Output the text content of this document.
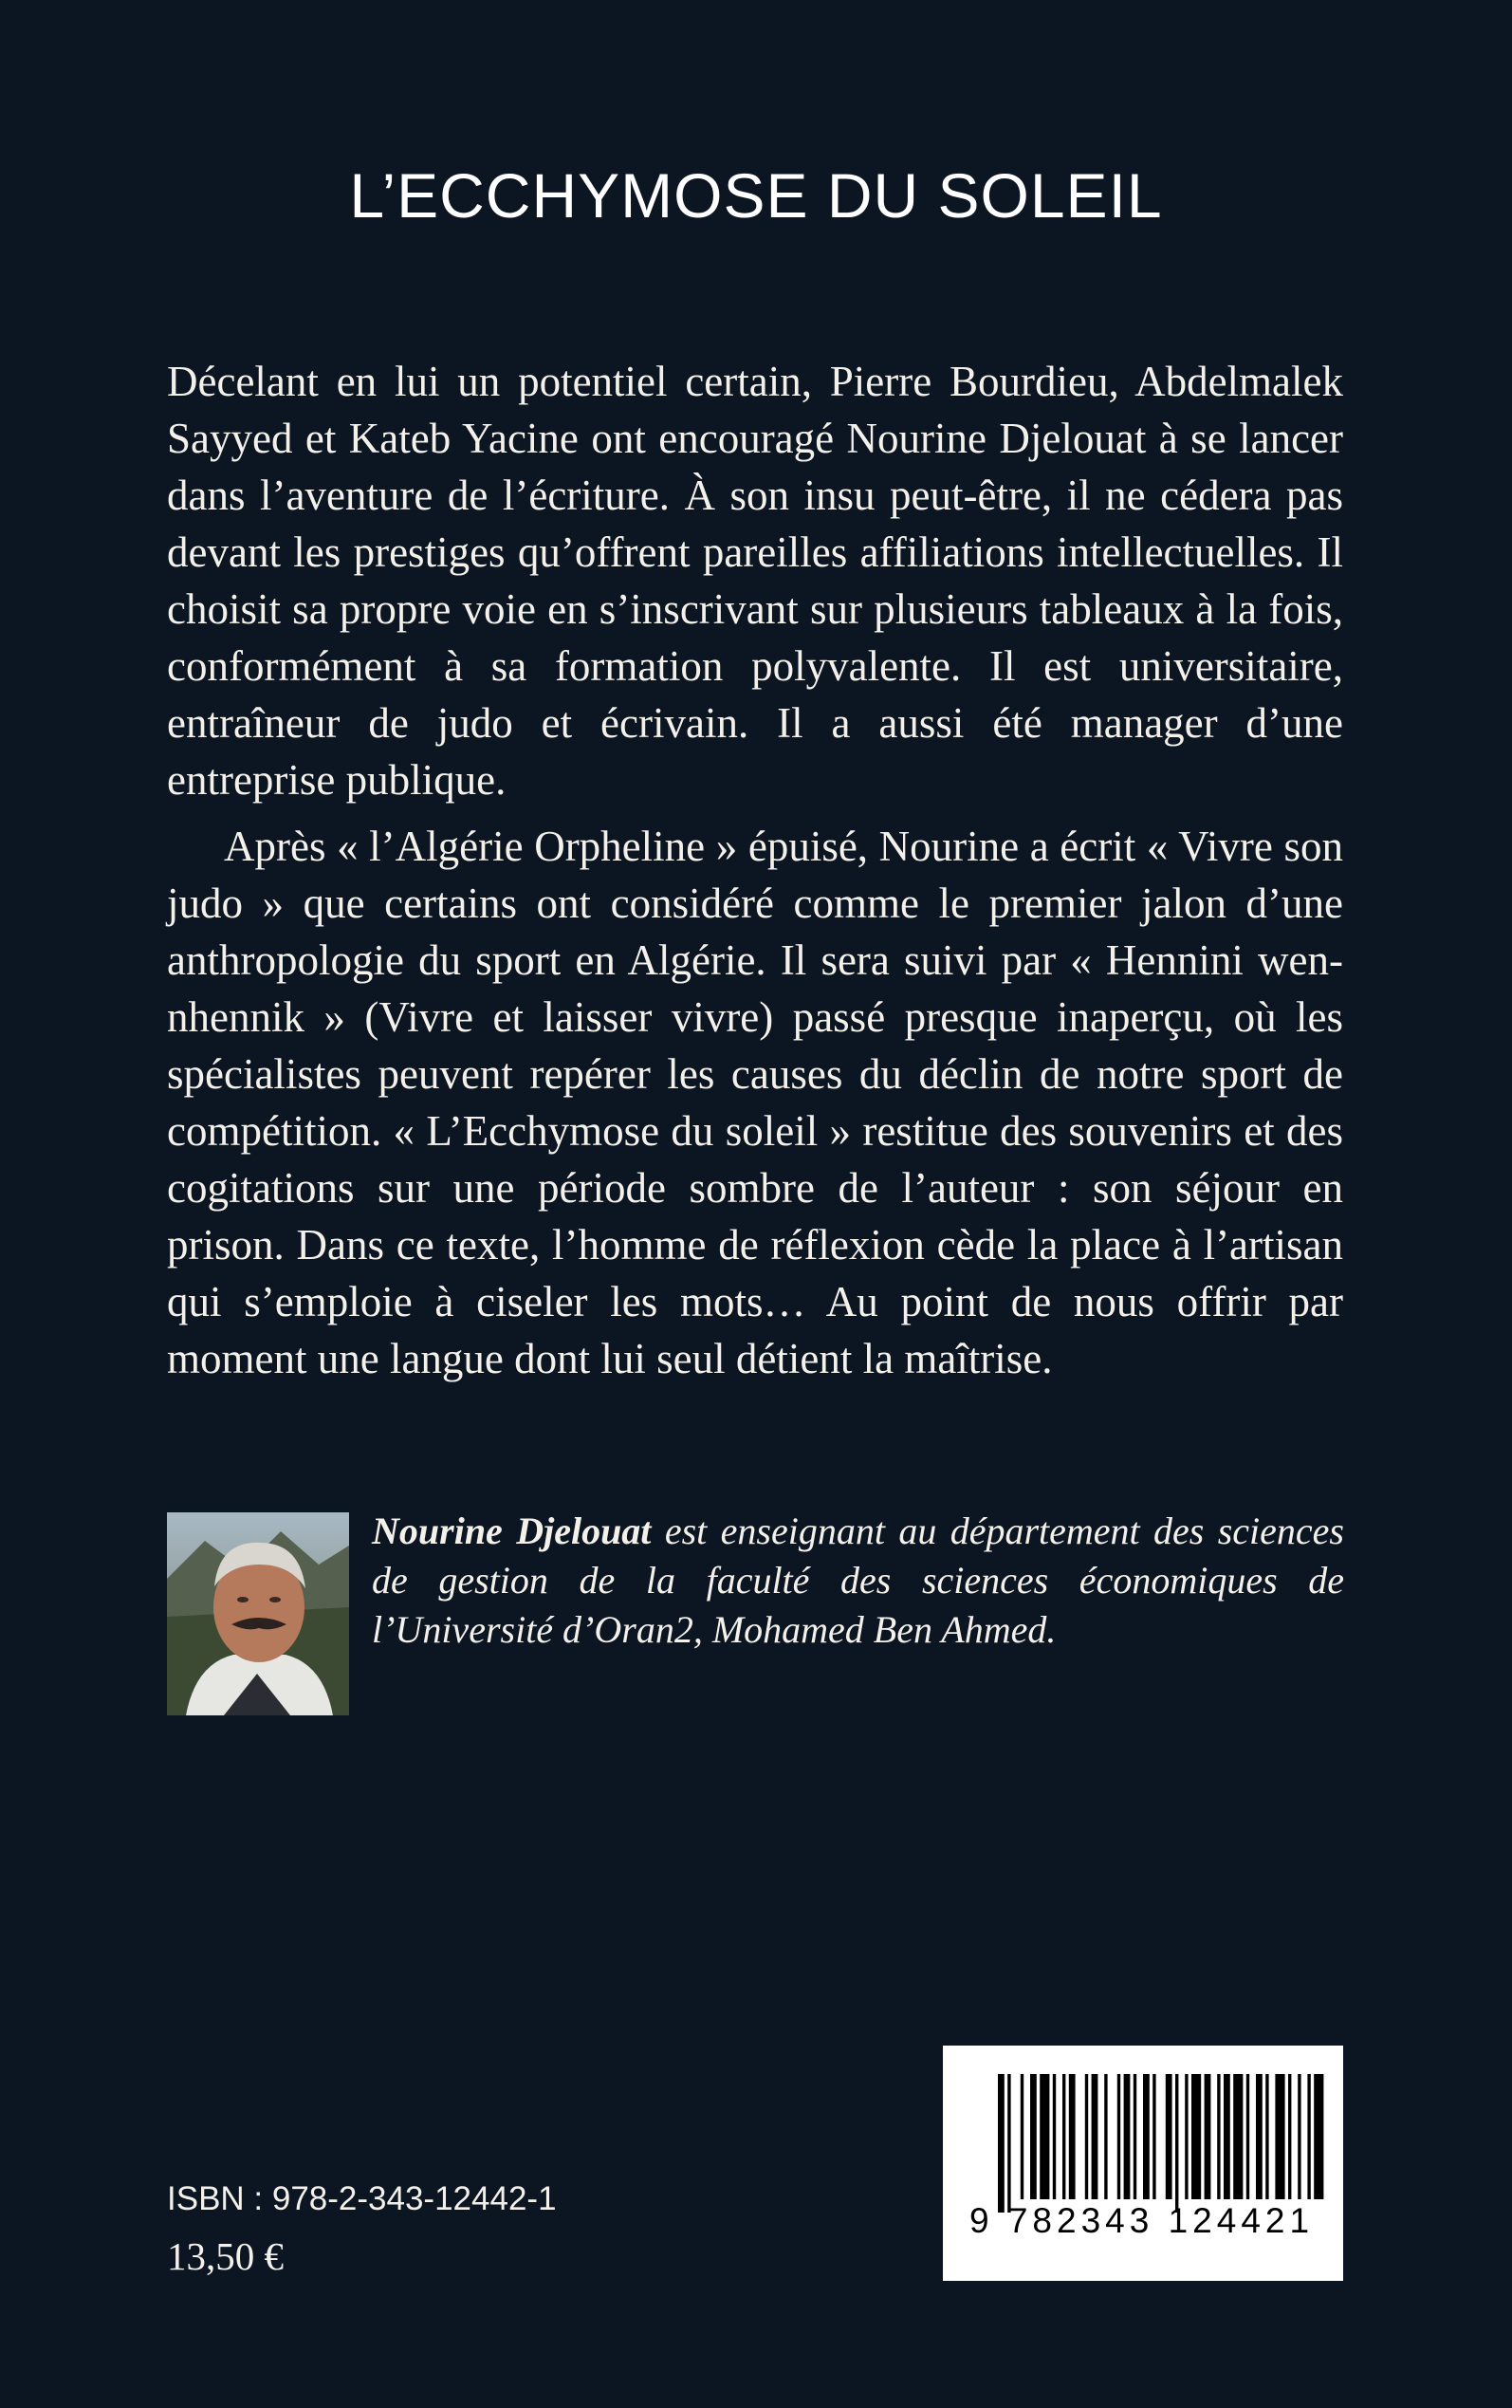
L’ECCHYMOSE DU SOLEIL

Décelant en lui un potentiel certain, Pierre Bourdieu, Abdelmalek Sayyed et Kateb Yacine ont encouragé Nourine Djelouat à se lancer dans l’aventure de l’écriture. À son insu peut-être, il ne cédera pas devant les prestiges qu’offrent pareilles affiliations intellectuelles. Il choisit sa propre voie en s’inscrivant sur plusieurs tableaux à la fois, conformément à sa formation polyvalente. Il est universitaire, entraîneur de judo et écrivain. Il a aussi été manager d’une entreprise publique.

Après « l’Algérie Orpheline » épuisé, Nourine a écrit « Vivre son judo » que certains ont considéré comme le premier jalon d’une anthropologie du sport en Algérie. Il sera suivi par « Hennini wen-nhennik » (Vivre et laisser vivre) passé presque inaperçu, où les spécialistes peuvent repérer les causes du déclin de notre sport de compétition. « L’Ecchymose du soleil » restitue des souvenirs et des cogitations sur une période sombre de l’auteur : son séjour en prison. Dans ce texte, l’homme de réflexion cède la place à l’artisan qui s’emploie à ciseler les mots… Au point de nous offrir par moment une langue dont lui seul détient la maîtrise.

Nourine Djelouat est enseignant au département des sciences de gestion de la faculté des sciences économiques de l’Université d’Oran2, Mohamed Ben Ahmed.

ISBN : 978-2-343-12442-1

13,50 €

9 782343 124421
